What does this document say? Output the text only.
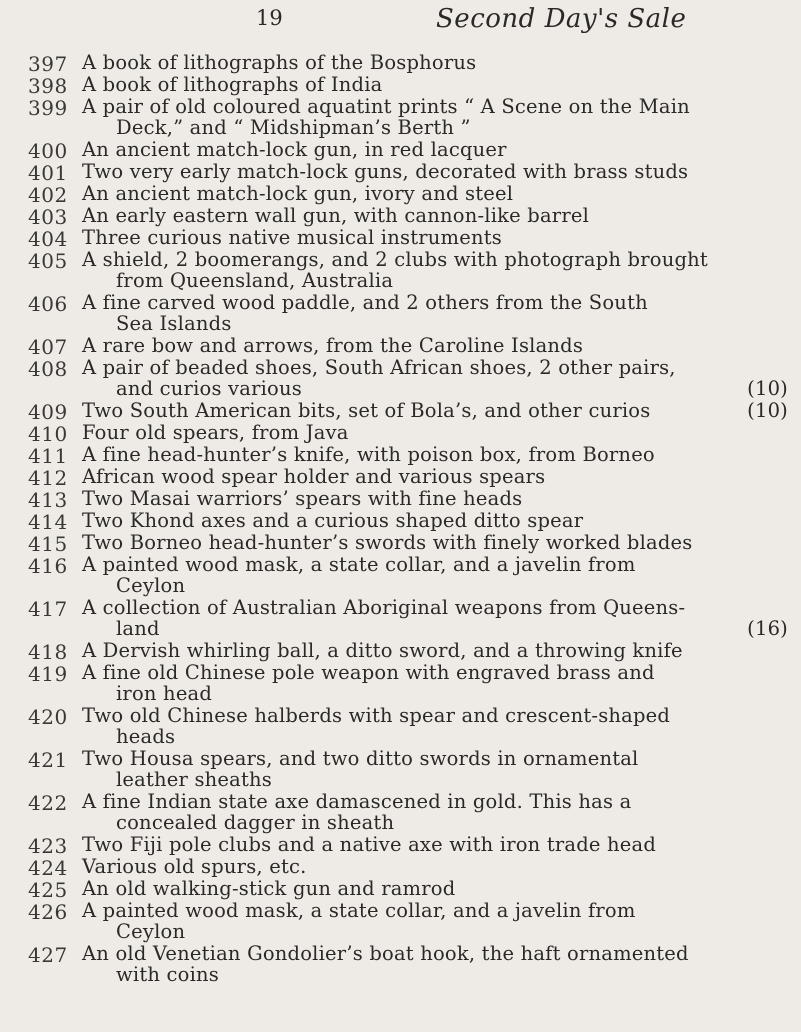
19	Second Day's Sale
397 A book of lithographs of the Bosphorus
398 A book of lithographs of India
399 A pair of old coloured aquatint prints “ A Scene on the Main
Deck,” and “ Midshipman’s Berth ”
400 An ancient match-lock gun, in red lacquer
401 Two very early match-lock guns, decorated with brass studs
402 An ancient match-lock gun, ivory and steel
403 An early eastern wall gun, with cannon-like barrel
404 Three curious native musical instruments
405 A shield, 2 boomerangs, and 2 clubs with photograph brought
from Queensland, Australia
406 A fine carved wood paddle, and 2 others from the South
Sea Islands
407 A rare bow and arrows, from the Caroline Islands
408 A pair of beaded shoes, South African shoes, 2 other pairs,
(10)
and curios various
409	(10)
Two South American bits, set of Bola’s, and other curios
410 Four old spears, from Java
411 A fine head-hunter’s knife, with poison box, from Borneo
412 African wood spear holder and various spears
413 Two Masai warriors’ spears with fine heads
414 Two Khond axes and a curious shaped ditto spear
415 Two Borneo head-hunter’s swords with finely worked blades
416 A painted wood mask, a state collar, and a javelin from
Ceylon
417 A collection of Australian Aboriginal weapons from Queens-
(16)
land
418 A Dervish whirling ball, a ditto sword, and a throwing knife
419 A fine old Chinese pole weapon with engraved brass and
iron head
420 Two old Chinese halberds with spear and crescent-shaped
heads
421 Two Housa spears, and two ditto swords in ornamental
leather sheaths
422 A fine Indian state axe damascened in gold. This has a
concealed dagger in sheath
423 Two Fiji pole clubs and a native axe with iron trade head
424 Various old spurs, etc.
425 An old walking-stick gun and ramrod
426 A painted wood mask, a state collar, and a javelin from
Ceylon
427 An old Venetian Gondolier’s boat hook, the haft ornamented
with coins
